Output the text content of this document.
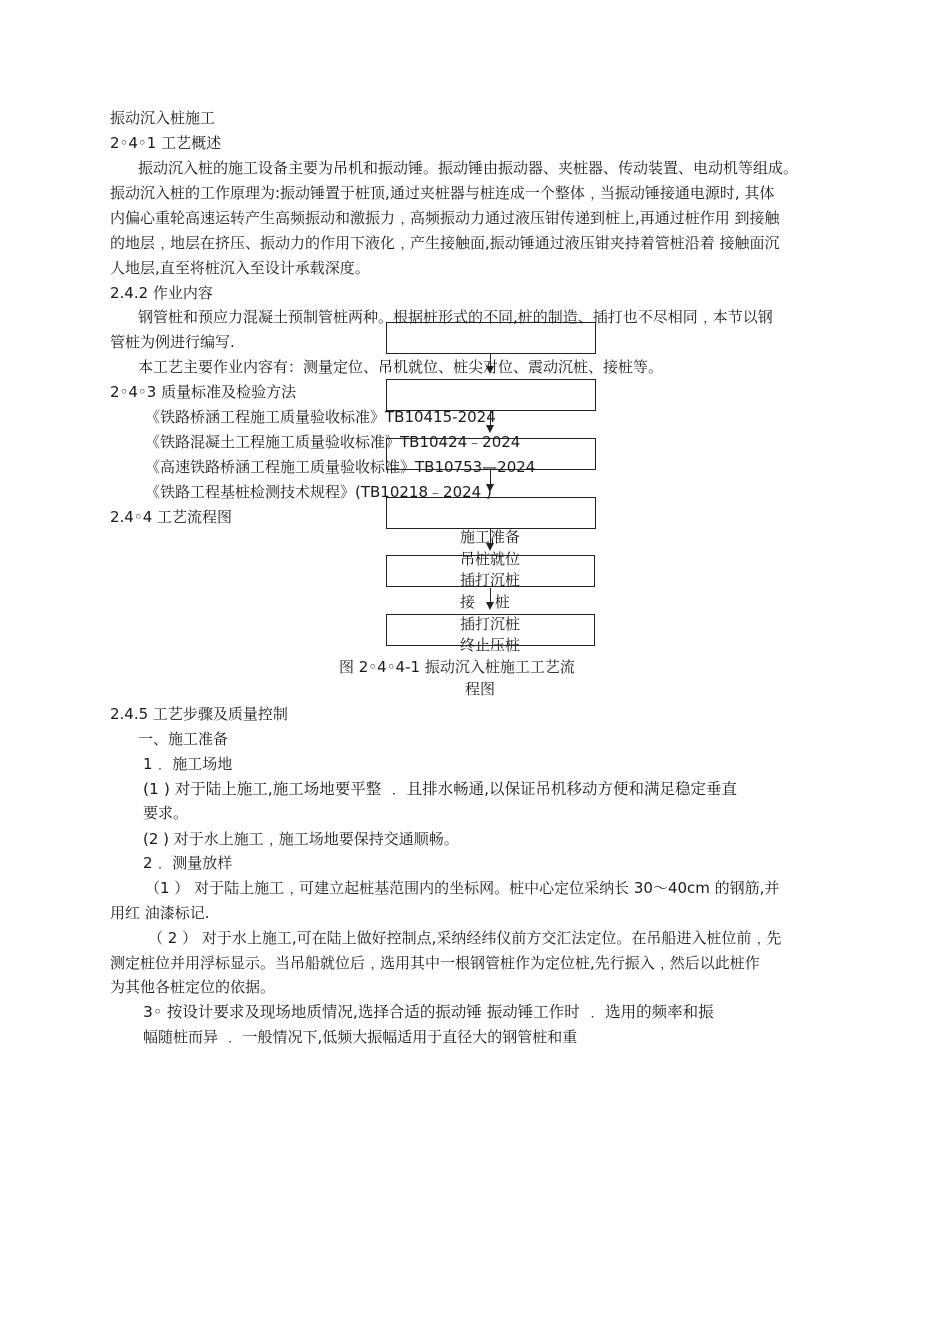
振动沉入桩施工
2◦4◦1 工艺概述
振动沉入桩的施工设备主要为吊机和振动锤。振动锤由振动器、夹桩器、传动装置、电动机等组成。
振动沉入桩的工作原理为:振动锤置于桩顶,通过夹桩器与桩连成一个整体﹐当振动锤接通电源时, 其体
内偏心重轮高速运转产生高频振动和激振力﹐高频振动力通过液压钳传递到桩上,再通过桩作用 到接触
的地层﹐地层在挤压、振动力的作用下液化﹐产生接触面,振动锤通过液压钳夹持着管桩沿着 接触面沉
人地层,直至将桩沉入至设计承载深度。
2.4.2 作业内容
钢管桩和预应力混凝土预制管桩两种。根据桩形式的不同,桩的制造、插打也不尽相同﹐本节以钢
管桩为例进行编写.
本工艺主要作业内容有：测量定位、吊机就位、桩尖对位、震动沉桩、接桩等。
2◦4◦3 质量标准及检验方法
《铁路桥涵工程施工质量验收标准》TB10415-2024
《铁路混凝土工程施工质量验收标准》TB10424﹣2024
《高速铁路桥涵工程施工质量验收标准》TB10753—2024
《铁路工程基桩检测技术规程》(TB10218﹣2024 )
2.4◦4 工艺流程图
施工准备
吊桩就位
插打沉桩
接　 桩
插打沉桩
终止压桩
图 2◦4◦4-1 振动沉入桩施工工艺流
程图
2.4.5 工艺步骤及质量控制
一、施工准备
1﹒ 施工场地
(1 ) 对于陆上施工,施工场地要平整 ﹒ 且排水畅通,以保证吊机移动方便和满足稳定垂直
要求。
(2 ) 对于水上施工﹐施工场地要保持交通顺畅。
2﹒ 测量放样
（1 ） 对于陆上施工﹐可建立起桩基范围内的坐标网。桩中心定位采纳长 30～40cm 的钢筋,并
用红 油漆标记.
（ 2 ） 对于水上施工,可在陆上做好控制点,采纳经纬仪前方交汇法定位。在吊船进入桩位前﹐先
测定桩位并用浮标显示。当吊船就位后﹐选用其中一根钢管桩作为定位桩,先行振入﹐然后以此桩作
为其他各桩定位的依据。
3◦ 按设计要求及现场地质情况,选择合适的振动锤 振动锤工作时 ﹒ 选用的频率和振
幅随桩而异 ﹒ 一般情况下,低频大振幅适用于直径大的钢管桩和重
